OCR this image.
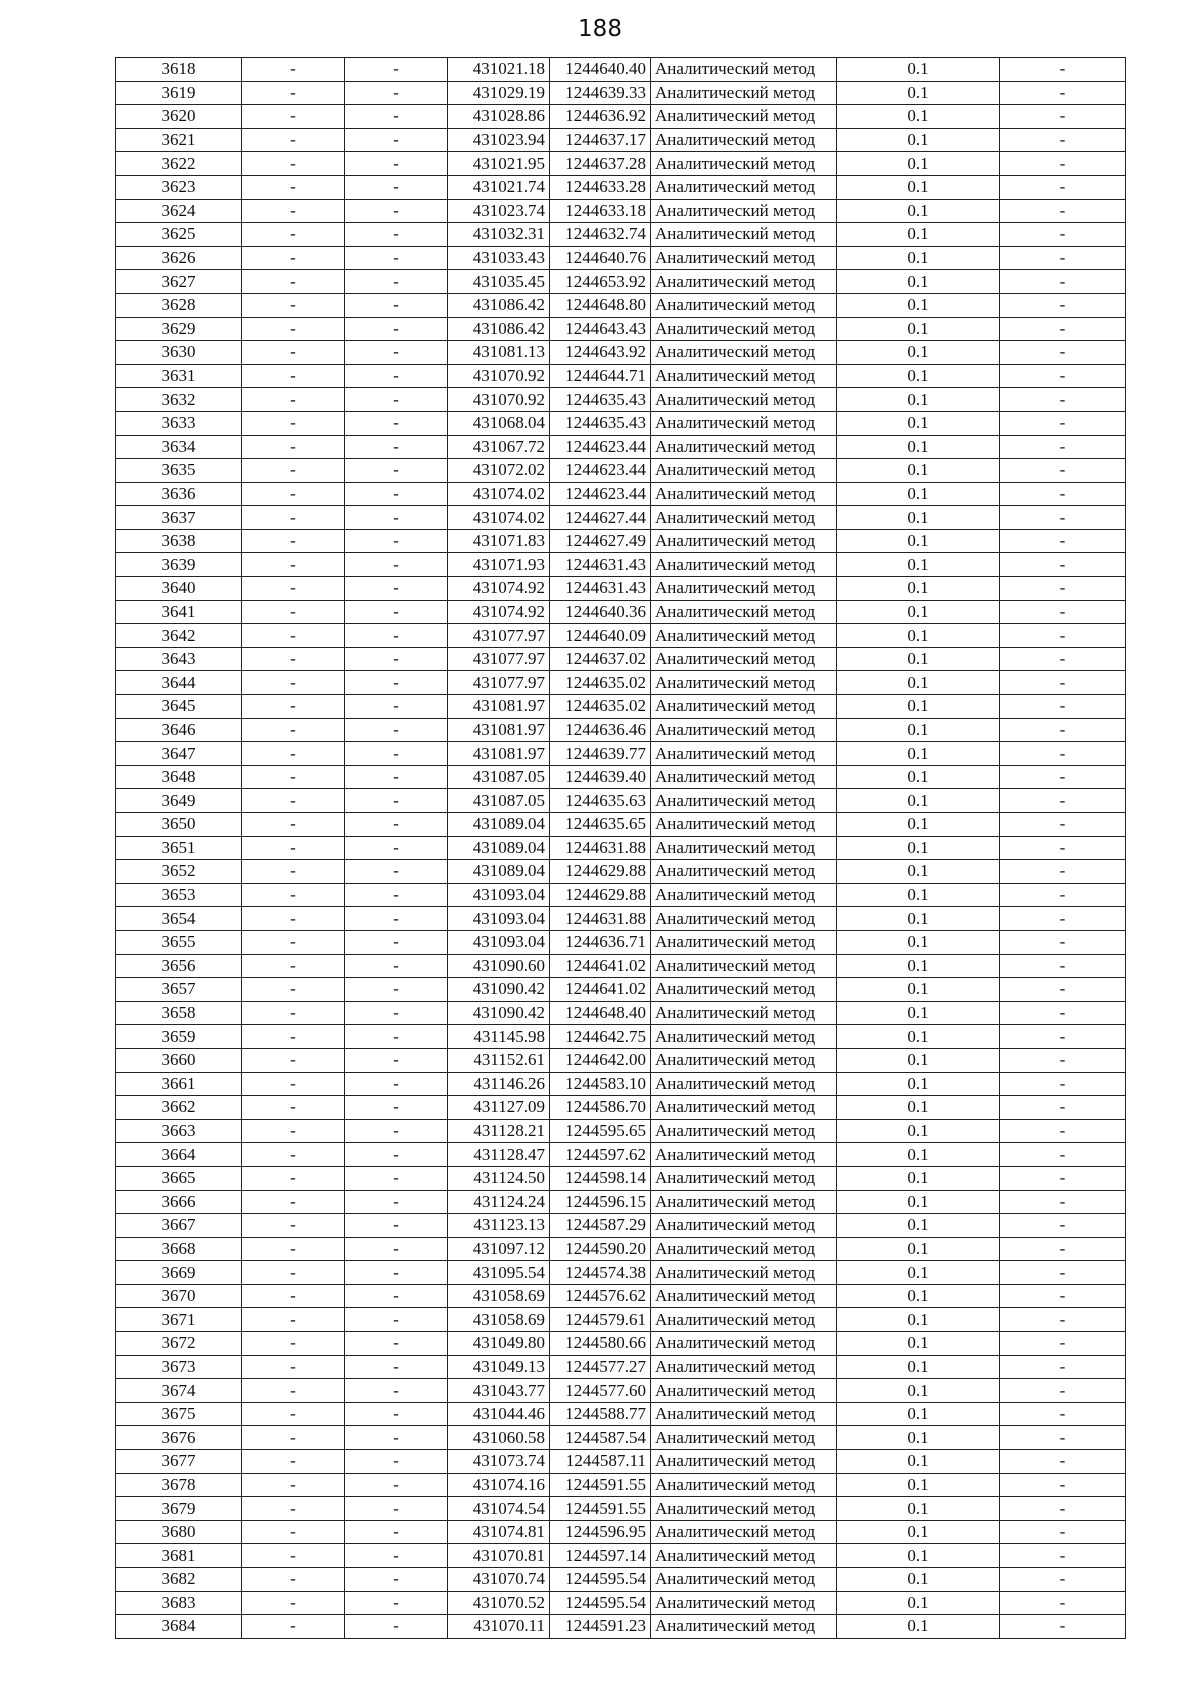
188
3618	-	-	431021.18	1244640.40	Аналитический метод	0.1	-
3619	-	-	431029.19	1244639.33	Аналитический метод	0.1	-
3620	-	-	431028.86	1244636.92	Аналитический метод	0.1	-
3621	-	-	431023.94	1244637.17	Аналитический метод	0.1	-
3622	-	-	431021.95	1244637.28	Аналитический метод	0.1	-
3623	-	-	431021.74	1244633.28	Аналитический метод	0.1	-
3624	-	-	431023.74	1244633.18	Аналитический метод	0.1	-
3625	-	-	431032.31	1244632.74	Аналитический метод	0.1	-
3626	-	-	431033.43	1244640.76	Аналитический метод	0.1	-
3627	-	-	431035.45	1244653.92	Аналитический метод	0.1	-
3628	-	-	431086.42	1244648.80	Аналитический метод	0.1	-
3629	-	-	431086.42	1244643.43	Аналитический метод	0.1	-
3630	-	-	431081.13	1244643.92	Аналитический метод	0.1	-
3631	-	-	431070.92	1244644.71	Аналитический метод	0.1	-
3632	-	-	431070.92	1244635.43	Аналитический метод	0.1	-
3633	-	-	431068.04	1244635.43	Аналитический метод	0.1	-
3634	-	-	431067.72	1244623.44	Аналитический метод	0.1	-
3635	-	-	431072.02	1244623.44	Аналитический метод	0.1	-
3636	-	-	431074.02	1244623.44	Аналитический метод	0.1	-
3637	-	-	431074.02	1244627.44	Аналитический метод	0.1	-
3638	-	-	431071.83	1244627.49	Аналитический метод	0.1	-
3639	-	-	431071.93	1244631.43	Аналитический метод	0.1	-
3640	-	-	431074.92	1244631.43	Аналитический метод	0.1	-
3641	-	-	431074.92	1244640.36	Аналитический метод	0.1	-
3642	-	-	431077.97	1244640.09	Аналитический метод	0.1	-
3643	-	-	431077.97	1244637.02	Аналитический метод	0.1	-
3644	-	-	431077.97	1244635.02	Аналитический метод	0.1	-
3645	-	-	431081.97	1244635.02	Аналитический метод	0.1	-
3646	-	-	431081.97	1244636.46	Аналитический метод	0.1	-
3647	-	-	431081.97	1244639.77	Аналитический метод	0.1	-
3648	-	-	431087.05	1244639.40	Аналитический метод	0.1	-
3649	-	-	431087.05	1244635.63	Аналитический метод	0.1	-
3650	-	-	431089.04	1244635.65	Аналитический метод	0.1	-
3651	-	-	431089.04	1244631.88	Аналитический метод	0.1	-
3652	-	-	431089.04	1244629.88	Аналитический метод	0.1	-
3653	-	-	431093.04	1244629.88	Аналитический метод	0.1	-
3654	-	-	431093.04	1244631.88	Аналитический метод	0.1	-
3655	-	-	431093.04	1244636.71	Аналитический метод	0.1	-
3656	-	-	431090.60	1244641.02	Аналитический метод	0.1	-
3657	-	-	431090.42	1244641.02	Аналитический метод	0.1	-
3658	-	-	431090.42	1244648.40	Аналитический метод	0.1	-
3659	-	-	431145.98	1244642.75	Аналитический метод	0.1	-
3660	-	-	431152.61	1244642.00	Аналитический метод	0.1	-
3661	-	-	431146.26	1244583.10	Аналитический метод	0.1	-
3662	-	-	431127.09	1244586.70	Аналитический метод	0.1	-
3663	-	-	431128.21	1244595.65	Аналитический метод	0.1	-
3664	-	-	431128.47	1244597.62	Аналитический метод	0.1	-
3665	-	-	431124.50	1244598.14	Аналитический метод	0.1	-
3666	-	-	431124.24	1244596.15	Аналитический метод	0.1	-
3667	-	-	431123.13	1244587.29	Аналитический метод	0.1	-
3668	-	-	431097.12	1244590.20	Аналитический метод	0.1	-
3669	-	-	431095.54	1244574.38	Аналитический метод	0.1	-
3670	-	-	431058.69	1244576.62	Аналитический метод	0.1	-
3671	-	-	431058.69	1244579.61	Аналитический метод	0.1	-
3672	-	-	431049.80	1244580.66	Аналитический метод	0.1	-
3673	-	-	431049.13	1244577.27	Аналитический метод	0.1	-
3674	-	-	431043.77	1244577.60	Аналитический метод	0.1	-
3675	-	-	431044.46	1244588.77	Аналитический метод	0.1	-
3676	-	-	431060.58	1244587.54	Аналитический метод	0.1	-
3677	-	-	431073.74	1244587.11	Аналитический метод	0.1	-
3678	-	-	431074.16	1244591.55	Аналитический метод	0.1	-
3679	-	-	431074.54	1244591.55	Аналитический метод	0.1	-
3680	-	-	431074.81	1244596.95	Аналитический метод	0.1	-
3681	-	-	431070.81	1244597.14	Аналитический метод	0.1	-
3682	-	-	431070.74	1244595.54	Аналитический метод	0.1	-
3683	-	-	431070.52	1244595.54	Аналитический метод	0.1	-
3684	-	-	431070.11	1244591.23	Аналитический метод	0.1	-
